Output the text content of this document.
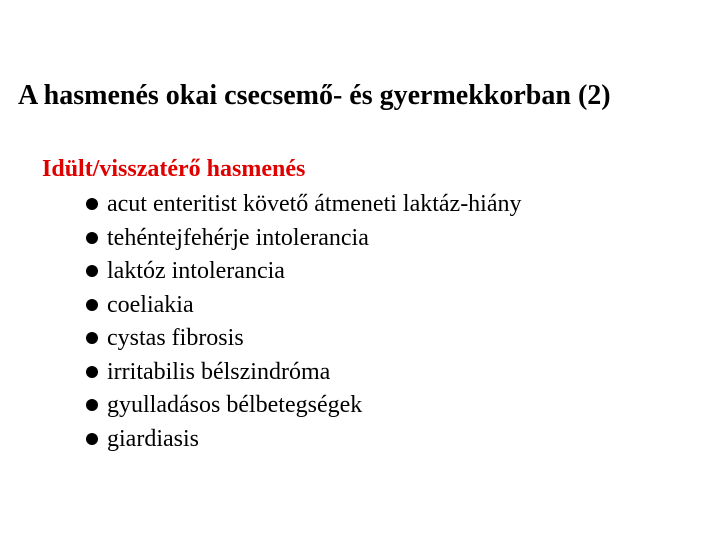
A hasmenés okai csecsemő- és gyermekkorban (2)
Idült/visszatérő hasmenés
acut enteritist követő átmeneti laktáz-hiány
tehéntejfehérje intolerancia
laktóz intolerancia
coeliakia
cystas fibrosis
irritabilis bélszindróma
gyulladásos bélbetegségek
giardiasis
